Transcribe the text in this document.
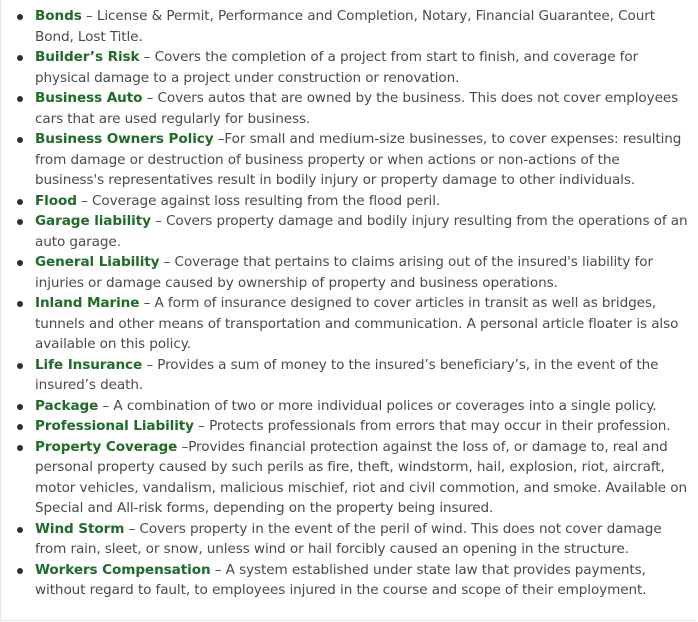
Bonds – License & Permit, Performance and Completion, Notary, Financial Guarantee, Court Bond, Lost Title.
Builder’s Risk – Covers the completion of a project from start to finish, and coverage for physical damage to a project under construction or renovation.
Business Auto – Covers autos that are owned by the business. This does not cover employees cars that are used regularly for business.
Business Owners Policy –For small and medium-size businesses, to cover expenses: resulting from damage or destruction of business property or when actions or non-actions of the business's representatives result in bodily injury or property damage to other individuals.
Flood – Coverage against loss resulting from the flood peril.
Garage liability – Covers property damage and bodily injury resulting from the operations of an auto garage.
General Liability – Coverage that pertains to claims arising out of the insured's liability for injuries or damage caused by ownership of property and business operations.
Inland Marine – A form of insurance designed to cover articles in transit as well as bridges, tunnels and other means of transportation and communication. A personal article floater is also available on this policy.
Life Insurance – Provides a sum of money to the insured’s beneficiary’s, in the event of the insured’s death.
Package – A combination of two or more individual polices or coverages into a single policy.
Professional Liability – Protects professionals from errors that may occur in their profession.
Property Coverage –Provides financial protection against the loss of, or damage to, real and personal property caused by such perils as fire, theft, windstorm, hail, explosion, riot, aircraft, motor vehicles, vandalism, malicious mischief, riot and civil commotion, and smoke. Available on Special and All-risk forms, depending on the property being insured.
Wind Storm – Covers property in the event of the peril of wind. This does not cover damage from rain, sleet, or snow, unless wind or hail forcibly caused an opening in the structure.
Workers Compensation – A system established under state law that provides payments, without regard to fault, to employees injured in the course and scope of their employment.
